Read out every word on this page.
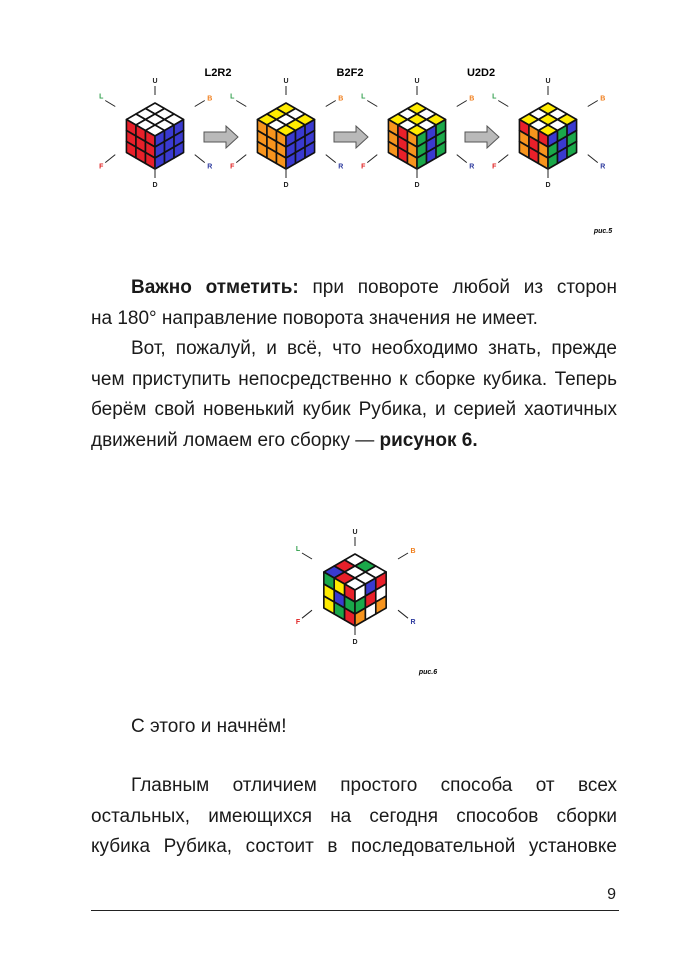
U
D
L	B
F	R
U
D
L	B
F	R
U
D
L	B
F	R
U
D
L	B
F	R
U
D
L	B
F	R
L2R2	B2F2	U2D2
рис.5
рис.6

Важно отметить: при повороте любой из сторон
на 180° направление поворота значения не имеет.

Вот, пожалуй, и всё, что необходимо знать, прежде
чем приступить непосредственно к сборке кубика. Теперь
берём свой новенький кубик Рубика, и серией хаотичных
движений ломаем его сборку — рисунок 6.

С этого и начнём!

Главным отличием простого способа от всех
остальных, имеющихся на сегодня способов сборки
кубика Рубика, состоит в последовательной установке

9
